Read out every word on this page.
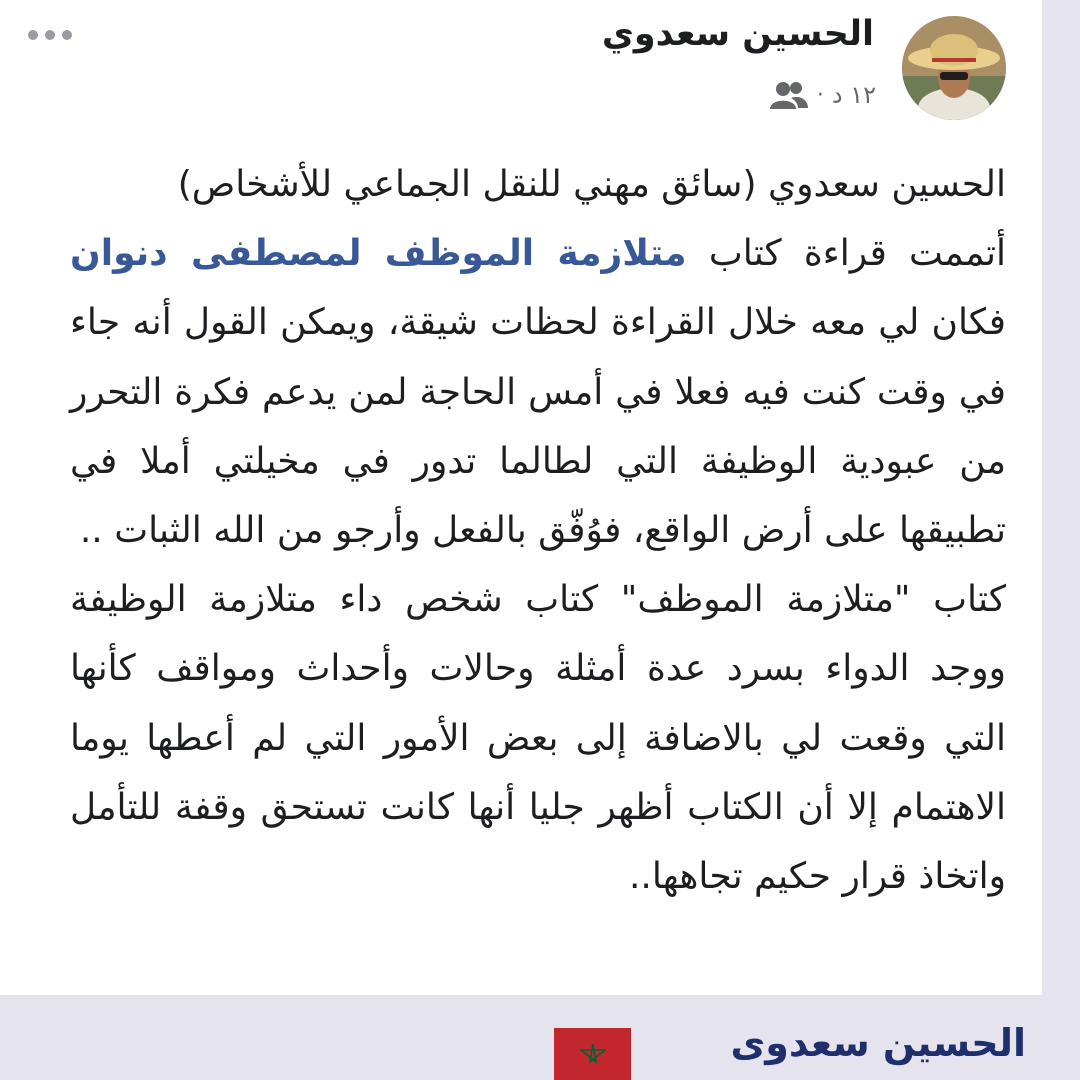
الحسين سعدوي
١٢ د
·

الحسين سعدوي (سائق مهني للنقل الجماعي للأشخاص)
أتممت قراءة كتاب متلازمة الموظف لمصطفى دنوان فكان لي معه خلال القراءة لحظات شيقة، ويمكن القول أنه جاء في وقت كنت فيه فعلا في أمس الحاجة لمن يدعم فكرة التحرر من عبودية الوظيفة التي لطالما تدور في مخيلتي أملا في تطبيقها على أرض الواقع، فوُفّق بالفعل وأرجو من الله الثبات ..

كتاب "متلازمة الموظف" كتاب شخص داء متلازمة الوظيفة ووجد الدواء بسرد عدة أمثلة وحالات وأحداث ومواقف كأنها التي وقعت لي بالاضافة إلى بعض الأمور التي لم أعطها يوما الاهتمام إلا أن الكتاب أظهر جليا أنها كانت تستحق وقفة للتأمل واتخاذ قرار حكيم تجاهها..

الحسين سعدوى
